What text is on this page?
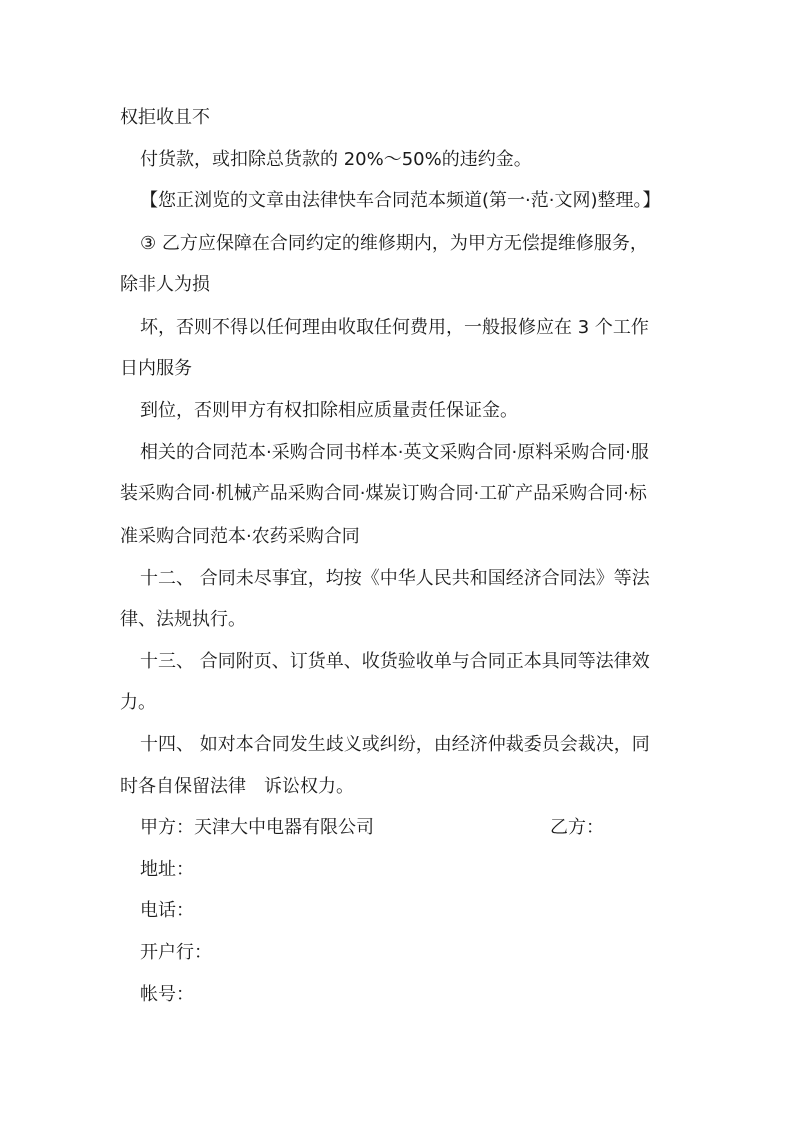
权拒收且不
付货款，或扣除总货款的 20%～50%的违约金。
【您正浏览的文章由法律快车合同范本频道(第一·范·文网)整理。】
③ 乙方应保障在合同约定的维修期内，为甲方无偿提维修服务，
除非人为损
坏，否则不得以任何理由收取任何费用，一般报修应在 3 个工作
日内服务
到位，否则甲方有权扣除相应质量责任保证金。
相关的合同范本·采购合同书样本·英文采购合同·原料采购合同·服
装采购合同·机械产品采购合同·煤炭订购合同·工矿产品采购合同·标
准采购合同范本·农药采购合同
十二、 合同未尽事宜，均按《中华人民共和国经济合同法》等法
律、法规执行。
十三、 合同附页、订货单、收货验收单与合同正本具同等法律效
力。
十四、 如对本合同发生歧义或纠纷，由经济仲裁委员会裁决，同
时各自保留法律　诉讼权力。
甲方：天津大中电器有限公司	乙方：
地址：
电话：
开户行：
帐号：
